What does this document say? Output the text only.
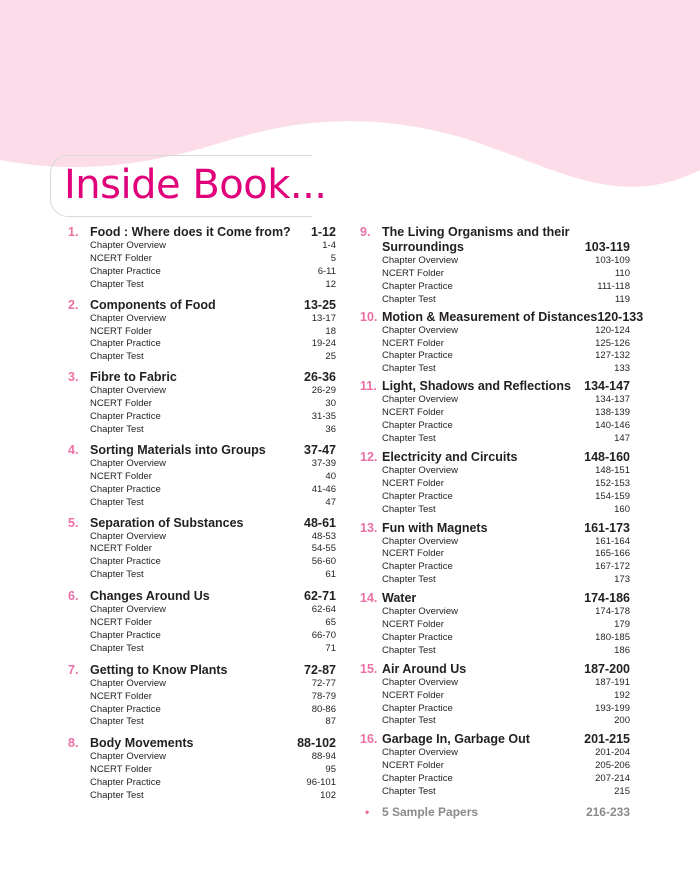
Inside Book...
1. Food : Where does it Come from?	1-12
Chapter Overview	1-4
NCERT Folder	5
Chapter Practice	6-11
Chapter Test	12
2. Components of Food	13-25
Chapter Overview	13-17
NCERT Folder	18
Chapter Practice	19-24
Chapter Test	25
3. Fibre to Fabric	26-36
Chapter Overview	26-29
NCERT Folder	30
Chapter Practice	31-35
Chapter Test	36
4. Sorting Materials into Groups	37-47
Chapter Overview	37-39
NCERT Folder	40
Chapter Practice	41-46
Chapter Test	47
5. Separation of Substances	48-61
Chapter Overview	48-53
NCERT Folder	54-55
Chapter Practice	56-60
Chapter Test	61
6. Changes Around Us	62-71
Chapter Overview	62-64
NCERT Folder	65
Chapter Practice	66-70
Chapter Test	71
7. Getting to Know Plants	72-87
Chapter Overview	72-77
NCERT Folder	78-79
Chapter Practice	80-86
Chapter Test	87
8. Body Movements	88-102
Chapter Overview	88-94
NCERT Folder	95
Chapter Practice	96-101
Chapter Test	102
9. The Living Organisms and their
Surroundings	103-119
Chapter Overview	103-109
NCERT Folder	110
Chapter Practice	111-118
Chapter Test	119
10. Motion & Measurement of Distances 120-133
Chapter Overview	120-124
NCERT Folder	125-126
Chapter Practice	127-132
Chapter Test	133
11. Light, Shadows and Reflections	134-147
Chapter Overview	134-137
NCERT Folder	138-139
Chapter Practice	140-146
Chapter Test	147
12. Electricity and Circuits	148-160
Chapter Overview	148-151
NCERT Folder	152-153
Chapter Practice	154-159
Chapter Test	160
13. Fun with Magnets	161-173
Chapter Overview	161-164
NCERT Folder	165-166
Chapter Practice	167-172
Chapter Test	173
14. Water	174-186
Chapter Overview	174-178
NCERT Folder	179
Chapter Practice	180-185
Chapter Test	186
15. Air Around Us	187-200
Chapter Overview	187-191
NCERT Folder	192
Chapter Practice	193-199
Chapter Test	200
16. Garbage In, Garbage Out	201-215
Chapter Overview	201-204
NCERT Folder	205-206
Chapter Practice	207-214
Chapter Test	215
•	5 Sample Papers	216-233
